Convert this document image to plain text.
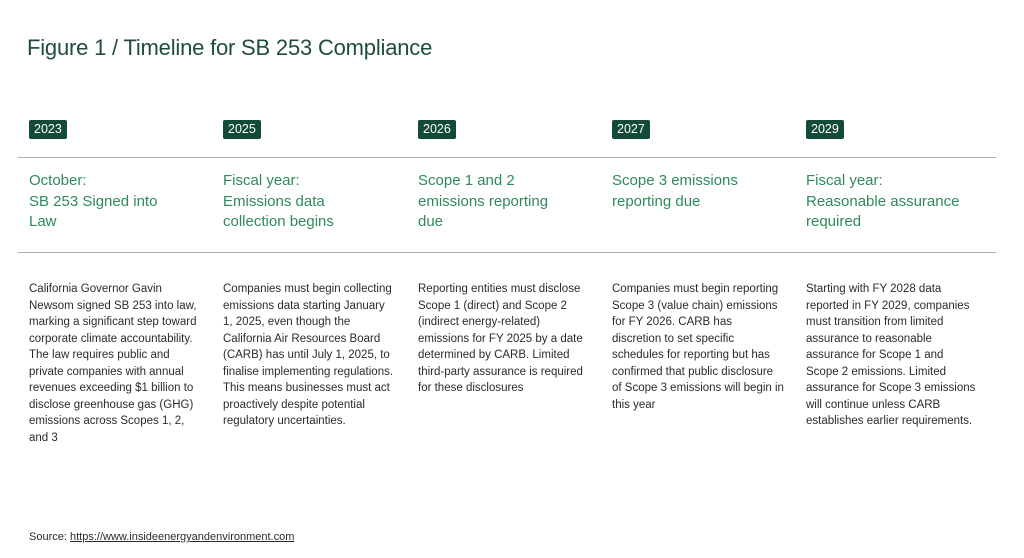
Figure 1 / Timeline for SB 253 Compliance
2023
October:
SB 253 Signed into
Law
California Governor Gavin Newsom signed SB 253 into law, marking a significant step toward corporate climate accountability. The law requires public and private companies with annual revenues exceeding $1 billion to disclose greenhouse gas (GHG) emissions across Scopes 1, 2, and 3
2025
Fiscal year:
Emissions data
collection begins
Companies must begin collecting emissions data starting January 1, 2025, even though the California Air Resources Board (CARB) has until July 1, 2025, to finalise implementing regulations. This means businesses must act proactively despite potential regulatory uncertainties.
2026
Scope 1 and 2
emissions reporting
due
Reporting entities must disclose Scope 1 (direct) and Scope 2 (indirect energy-related) emissions for FY 2025 by a date determined by CARB. Limited third-party assurance is required for these disclosures
2027
Scope 3 emissions
reporting due
Companies must begin reporting Scope 3 (value chain) emissions for FY 2026. CARB has discretion to set specific schedules for reporting but has confirmed that public disclosure of Scope 3 emissions will begin in this year
2029
Fiscal year:
Reasonable assurance
required
Starting with FY 2028 data reported in FY 2029, companies must transition from limited assurance to reasonable assurance for Scope 1 and Scope 2 emissions. Limited assurance for Scope 3 emissions will continue unless CARB establishes earlier requirements.
Source: https://www.insideenergyandenvironment.com
